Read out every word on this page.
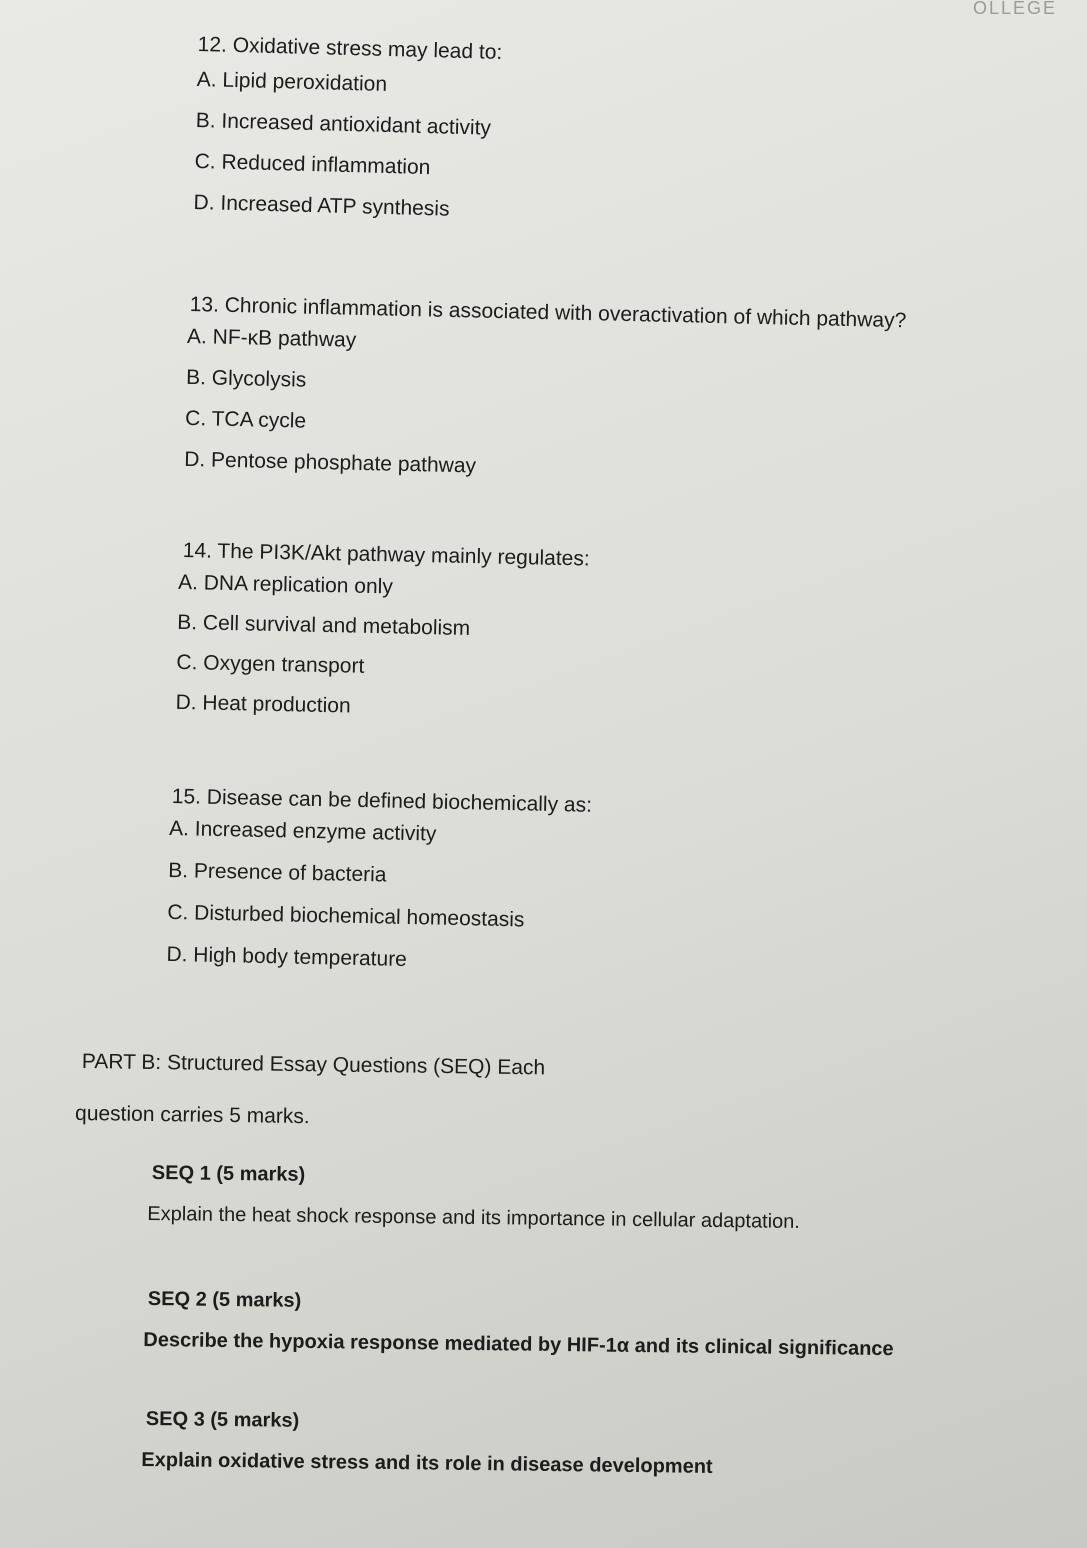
OLLEGE
12. Oxidative stress may lead to:
A. Lipid peroxidation
B. Increased antioxidant activity
C. Reduced inflammation
D. Increased ATP synthesis
13. Chronic inflammation is associated with overactivation of which pathway?
A. NF-κB pathway
B. Glycolysis
C. TCA cycle
D. Pentose phosphate pathway
14. The PI3K/Akt pathway mainly regulates:
A. DNA replication only
B. Cell survival and metabolism
C. Oxygen transport
D. Heat production
15. Disease can be defined biochemically as:
A. Increased enzyme activity
B. Presence of bacteria
C. Disturbed biochemical homeostasis
D. High body temperature
PART B: Structured Essay Questions (SEQ) Each
question carries 5 marks.
SEQ 1 (5 marks)
Explain the heat shock response and its importance in cellular adaptation.
SEQ 2 (5 marks)
Describe the hypoxia response mediated by HIF-1α and its clinical significance
SEQ 3 (5 marks)
Explain oxidative stress and its role in disease development
